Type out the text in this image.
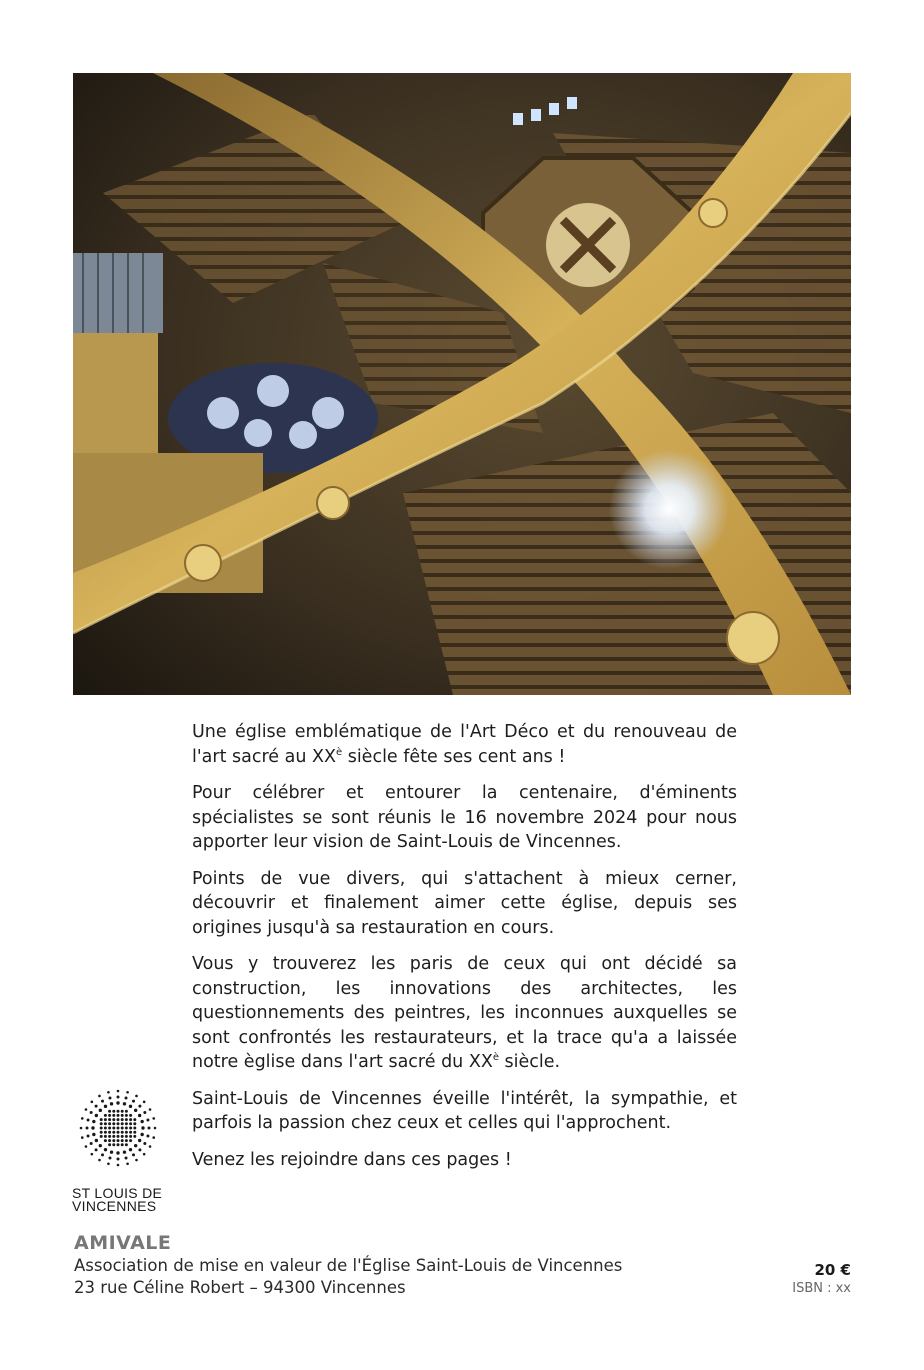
Une église emblématique de l'Art Déco et du renouveau de l'art sacré au $XX^è$ siècle fête ses cent ans !

Pour célébrer et entourer la centenaire, d'éminents spécialistes se sont réunis le 16 novembre 2024 pour nous apporter leur vision de Saint-Louis de Vincennes.

Points de vue divers, qui s'attachent à mieux cerner, découvrir et finalement aimer cette église, depuis ses origines jusqu'à sa restauration en cours.

Vous y trouverez les paris de ceux qui ont décidé sa construction, les innovations des architectes, les questionnements des peintres, les inconnues auxquelles se sont confrontés les restaurateurs, et la trace qu'a a laissée notre èglise dans l'art sacré du $XX^è$ siècle.

Saint-Louis de Vincennes éveille l'intérêt, la sympathie, et parfois la passion chez ceux et celles qui l'approchent.

Venez les rejoindre dans ces pages !

ST LOUIS DE
VINCENNES
AMIVALE
Association de mise en valeur de l'Église Saint-Louis de Vincennes
23 rue Céline Robert – 94300 Vincennes
20 €
ISBN : xx
